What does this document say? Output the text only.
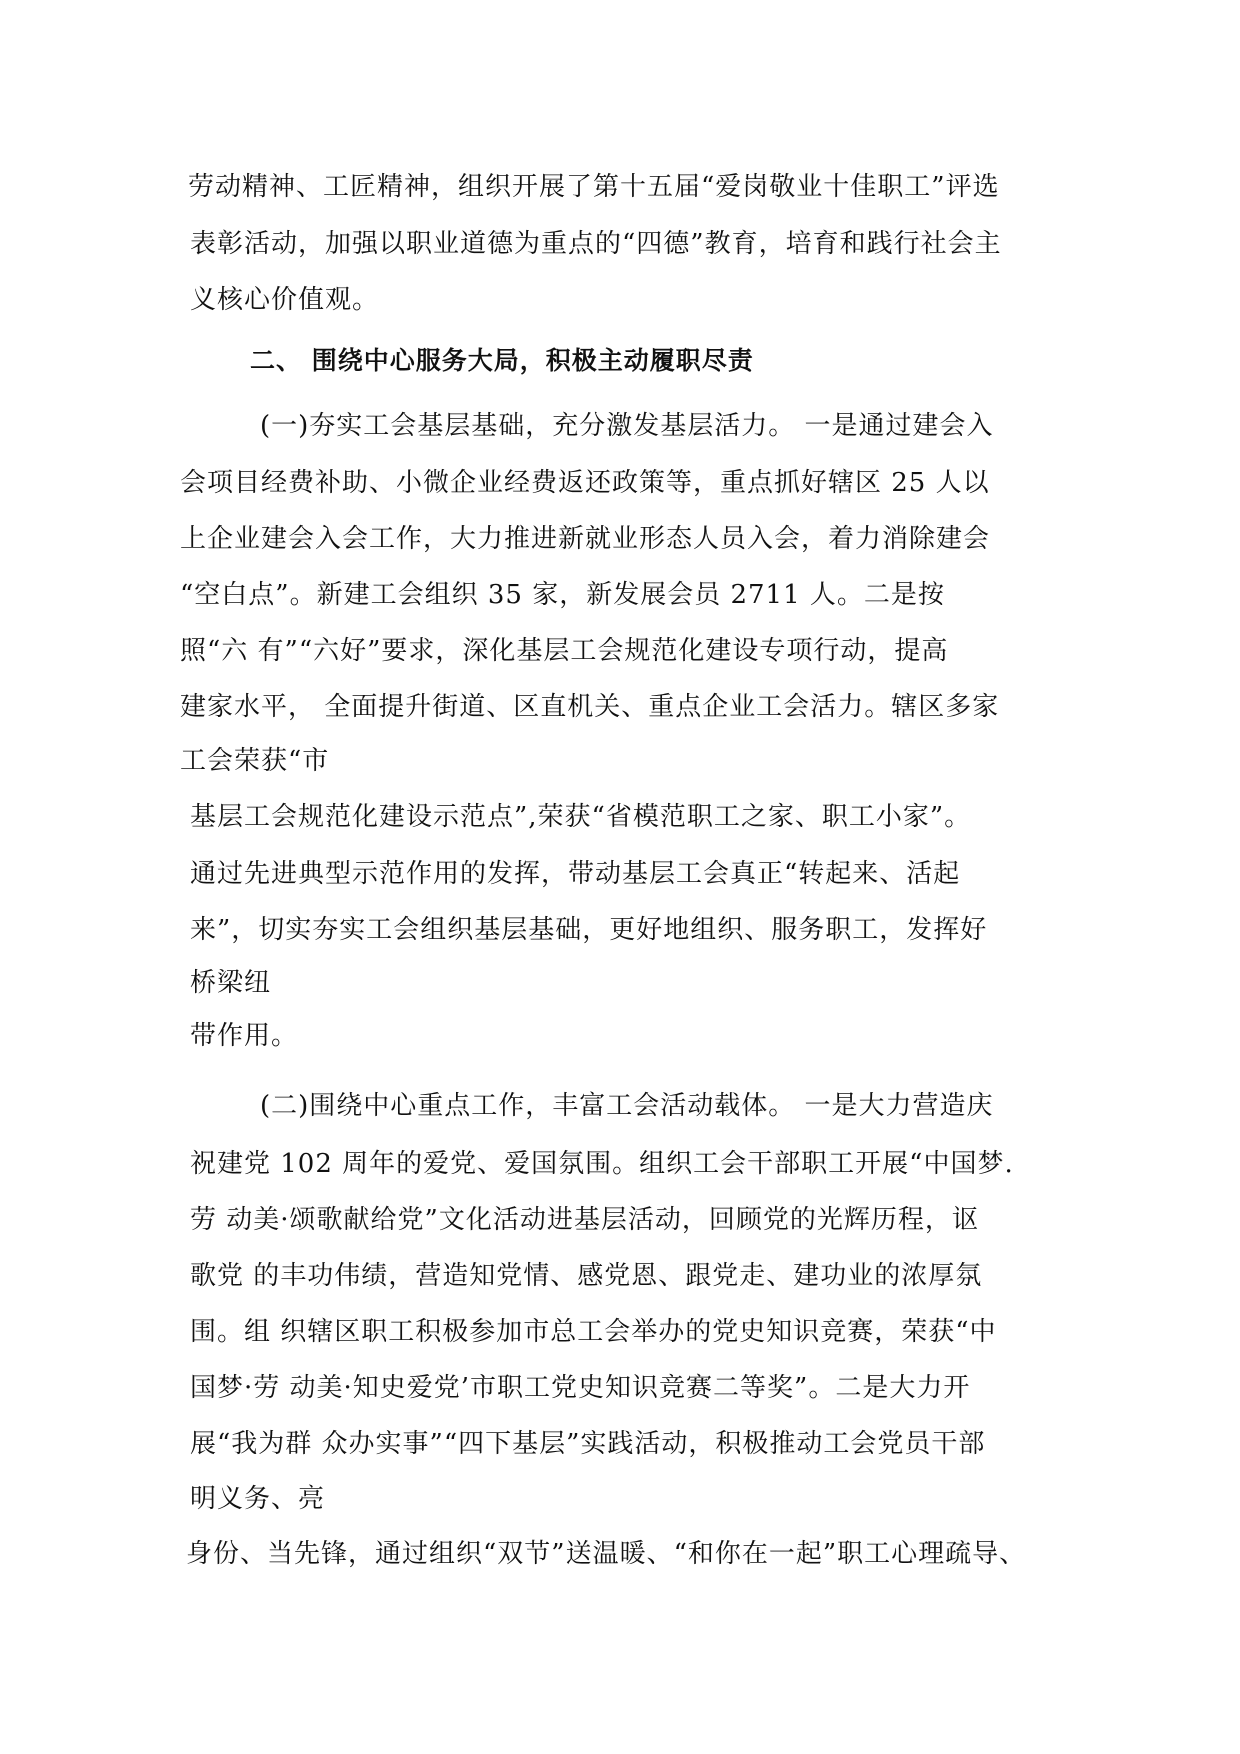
劳动精神、工匠精神，组织开展了第十五届“爱岗敬业十佳职工”评选
表彰活动，加强以职业道德为重点的“四德”教育，培育和践行社会主
义核心价值观。
二、 围绕中心服务大局，积极主动履职尽责
(一)夯实工会基层基础，充分激发基层活力。 一是通过建会入
会项目经费补助、小微企业经费返还政策等，重点抓好辖区 25 人以
上企业建会入会工作，大力推进新就业形态人员入会，着力消除建会
“空白点”。新建工会组织 35 家，新发展会员 2711 人。二是按
照“六 有”“六好”要求，深化基层工会规范化建设专项行动，提高
建家水平， 全面提升街道、区直机关、重点企业工会活力。辖区多家
工会荣获“市
基层工会规范化建设示范点”,荣获“省模范职工之家、职工小家”。
通过先进典型示范作用的发挥，带动基层工会真正“转起来、活起
来”，切实夯实工会组织基层基础，更好地组织、服务职工，发挥好
桥梁纽
带作用。
(二)围绕中心重点工作，丰富工会活动载体。 一是大力营造庆
祝建党 102 周年的爱党、爱国氛围。组织工会干部职工开展“中国梦.
劳 动美·颂歌献给党”文化活动进基层活动，回顾党的光辉历程，讴
歌党 的丰功伟绩，营造知党情、感党恩、跟党走、建功业的浓厚氛
围。组 织辖区职工积极参加市总工会举办的党史知识竞赛，荣获“中
国梦·劳 动美·知史爱党’市职工党史知识竞赛二等奖”。二是大力开
展“我为群 众办实事”“四下基层”实践活动，积极推动工会党员干部
明义务、亮
身份、当先锋，通过组织“双节”送温暖、“和你在一起”职工心理疏导、
